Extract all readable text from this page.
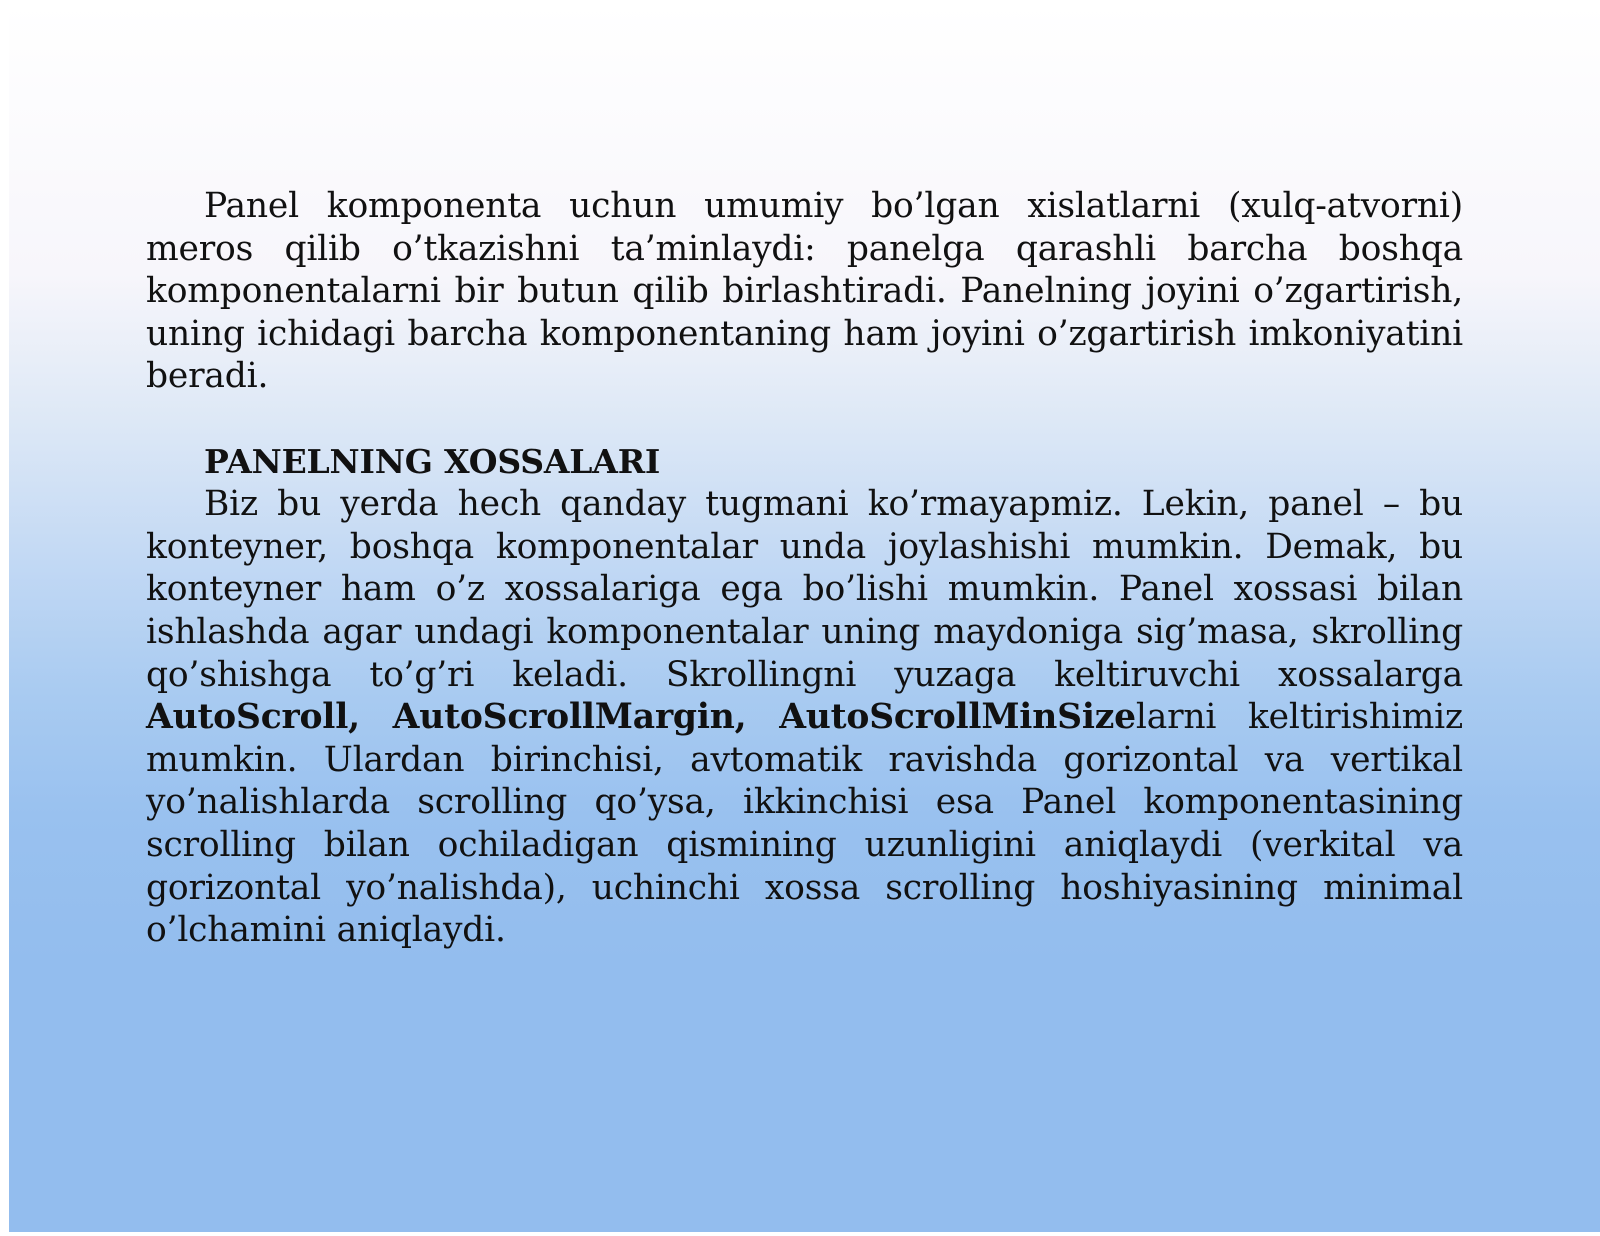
Panel komponenta uchun umumiy bo’lgan xislatlarni (xulq-atvorni) meros qilib o’tkazishni ta’minlaydi: panelga qarashli barcha boshqa komponentalarni bir butun qilib birlashtiradi. Panelning joyini o’zgartirish, uning ichidagi barcha komponentaning ham joyini o’zgartirish imkoniyatini beradi.

PANELNING XOSSALARI

Biz bu yerda hech qanday tugmani ko’rmayapmiz. Lekin, panel – bu konteyner, boshqa komponentalar unda joylashishi mumkin. Demak, bu konteyner ham o’z xossalariga ega bo’lishi mumkin. Panel xossasi bilan ishlashda agar undagi komponentalar uning maydoniga sig’masa, skrolling qo’shishga to’g’ri keladi. Skrollingni yuzaga keltiruvchi xossalarga AutoScroll, AutoScrollMargin, AutoScrollMinSizelarni keltirishimiz mumkin. Ulardan birinchisi, avtomatik ravishda gorizontal va vertikal yo’nalishlarda scrolling qo’ysa, ikkinchisi esa Panel komponentasining scrolling bilan ochiladigan qismining uzunligini aniqlaydi (verkital va gorizontal yo’nalishda), uchinchi xossa scrolling hoshiyasining minimal o’lchamini aniqlaydi.
